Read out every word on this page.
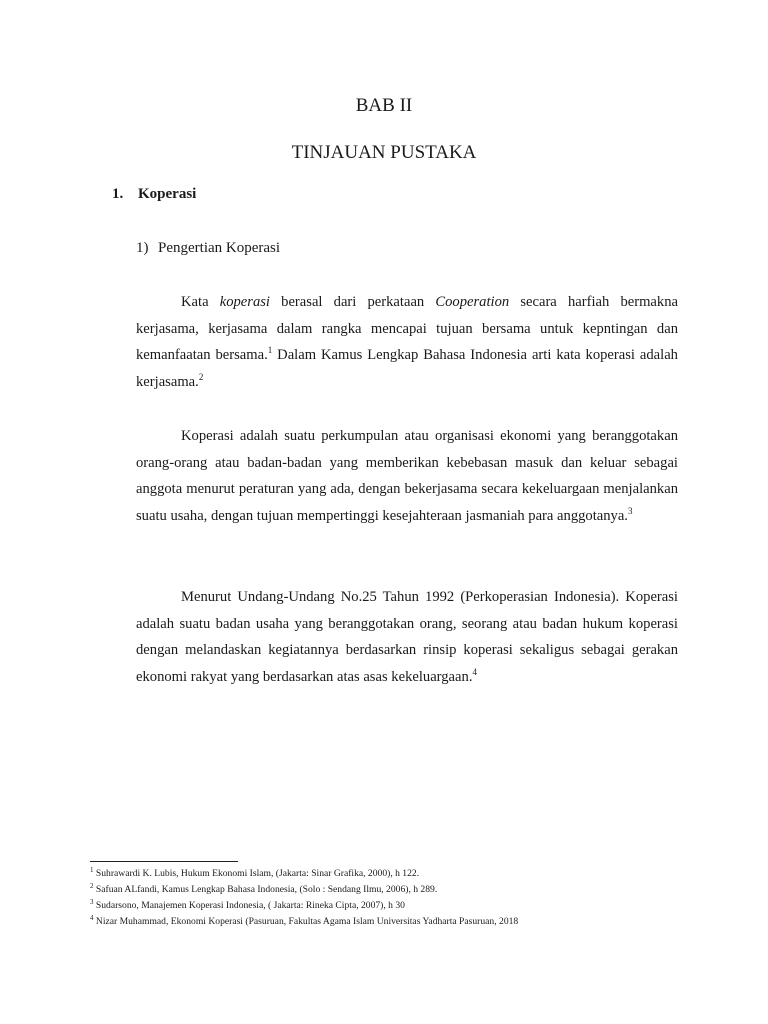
BAB II
TINJAUAN PUSTAKA
1. Koperasi
1) Pengertian Koperasi

Kata koperasi berasal dari perkataan Cooperation secara harfiah bermakna kerjasama, kerjasama dalam rangka mencapai tujuan bersama untuk kepntingan dan kemanfaatan bersama.$^1$ Dalam Kamus Lengkap Bahasa Indonesia arti kata koperasi adalah kerjasama.$^2$

Koperasi adalah suatu perkumpulan atau organisasi ekonomi yang beranggotakan orang-orang atau badan-badan yang memberikan kebebasan masuk dan keluar sebagai anggota menurut peraturan yang ada, dengan bekerjasama secara kekeluargaan menjalankan suatu usaha, dengan tujuan mempertinggi kesejahteraan jasmaniah para anggotanya.$^3$

Menurut Undang-Undang No.25 Tahun 1992 (Perkoperasian Indonesia). Koperasi adalah suatu badan usaha yang beranggotakan orang, seorang atau badan hukum koperasi dengan melandaskan kegiatannya berdasarkan rinsip koperasi sekaligus sebagai gerakan ekonomi rakyat yang berdasarkan atas asas kekeluargaan.$^4$

$^1$ Suhrawardi K. Lubis, Hukum Ekonomi Islam, (Jakarta: Sinar Grafika, 2000), h 122.
$^2$ Safuan ALfandi, Kamus Lengkap Bahasa Indonesia, (Solo : Sendang Ilmu, 2006), h 289.
$^3$ Sudarsono, Manajemen Koperasi Indonesia, ( Jakarta: Rineka Cipta, 2007), h 30
$^4$ Nizar Muhammad, Ekonomi Koperasi (Pasuruan, Fakultas Agama Islam Universitas Yadharta Pasuruan, 2018
